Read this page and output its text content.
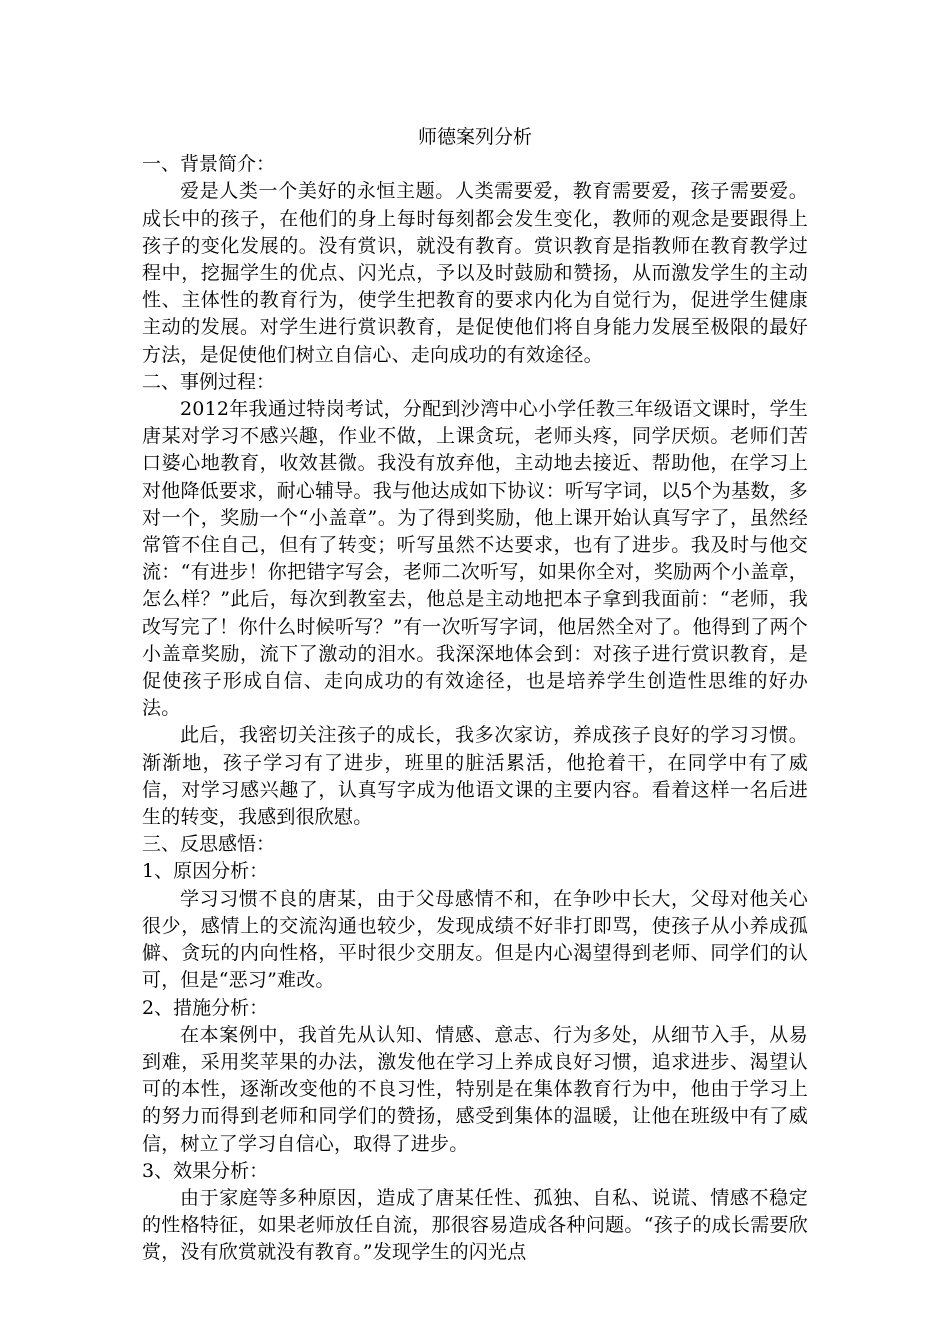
师德案列分析

一、背景简介：

爱是人类一个美好的永恒主题。人类需要爱，教育需要爱，孩子需要爱。成长中的孩子，在他们的身上每时每刻都会发生变化，教师的观念是要跟得上孩子的变化发展的。没有赏识，就没有教育。赏识教育是指教师在教育教学过程中，挖掘学生的优点、闪光点，予以及时鼓励和赞扬，从而激发学生的主动性、主体性的教育行为，使学生把教育的要求内化为自觉行为，促进学生健康主动的发展。对学生进行赏识教育，是促使他们将自身能力发展至极限的最好方法，是促使他们树立自信心、走向成功的有效途径。

二、事例过程：

2012年我通过特岗考试，分配到沙湾中心小学任教三年级语文课时，学生唐某对学习不感兴趣，作业不做，上课贪玩，老师头疼，同学厌烦。老师们苦口婆心地教育，收效甚微。我没有放弃他，主动地去接近、帮助他，在学习上对他降低要求，耐心辅导。我与他达成如下协议：听写字词，以5个为基数，多对一个，奖励一个“小盖章”。为了得到奖励，他上课开始认真写字了，虽然经常管不住自己，但有了转变；听写虽然不达要求，也有了进步。我及时与他交流：“有进步！你把错字写会，老师二次听写，如果你全对，奖励两个小盖章，怎么样？”此后，每次到教室去，他总是主动地把本子拿到我面前：“老师，我改写完了！你什么时候听写？”有一次听写字词，他居然全对了。他得到了两个小盖章奖励，流下了激动的泪水。我深深地体会到：对孩子进行赏识教育，是促使孩子形成自信、走向成功的有效途径，也是培养学生创造性思维的好办法。

此后，我密切关注孩子的成长，我多次家访，养成孩子良好的学习习惯。渐渐地，孩子学习有了进步，班里的脏活累活，他抢着干，在同学中有了威信，对学习感兴趣了，认真写字成为他语文课的主要内容。看着这样一名后进生的转变，我感到很欣慰。

三、反思感悟：

1、原因分析：

学习习惯不良的唐某，由于父母感情不和，在争吵中长大，父母对他关心很少，感情上的交流沟通也较少，发现成绩不好非打即骂，使孩子从小养成孤僻、贪玩的内向性格，平时很少交朋友。但是内心渴望得到老师、同学们的认可，但是“恶习”难改。

2、措施分析：

在本案例中，我首先从认知、情感、意志、行为多处，从细节入手，从易到难，采用奖苹果的办法，激发他在学习上养成良好习惯，追求进步、渴望认可的本性，逐渐改变他的不良习性，特别是在集体教育行为中，他由于学习上的努力而得到老师和同学们的赞扬，感受到集体的温暖，让他在班级中有了威信，树立了学习自信心，取得了进步。

3、效果分析：

由于家庭等多种原因，造成了唐某任性、孤独、自私、说谎、情感不稳定的性格特征，如果老师放任自流，那很容易造成各种问题。“孩子的成长需要欣赏，没有欣赏就没有教育。”发现学生的闪光点
